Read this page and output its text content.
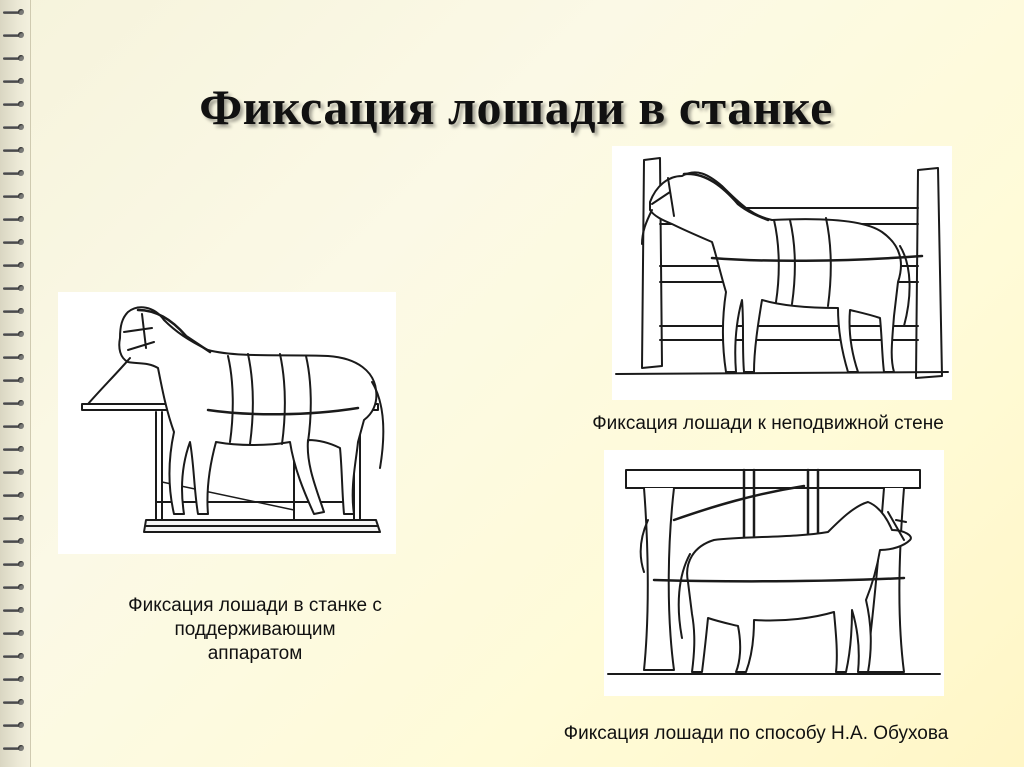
Фиксация лошади в станке

Фиксация лошади в станке с
поддерживающим
аппаратом

Фиксация лошади к неподвижной стене

Фиксация лошади по способу Н.А. Обухова
